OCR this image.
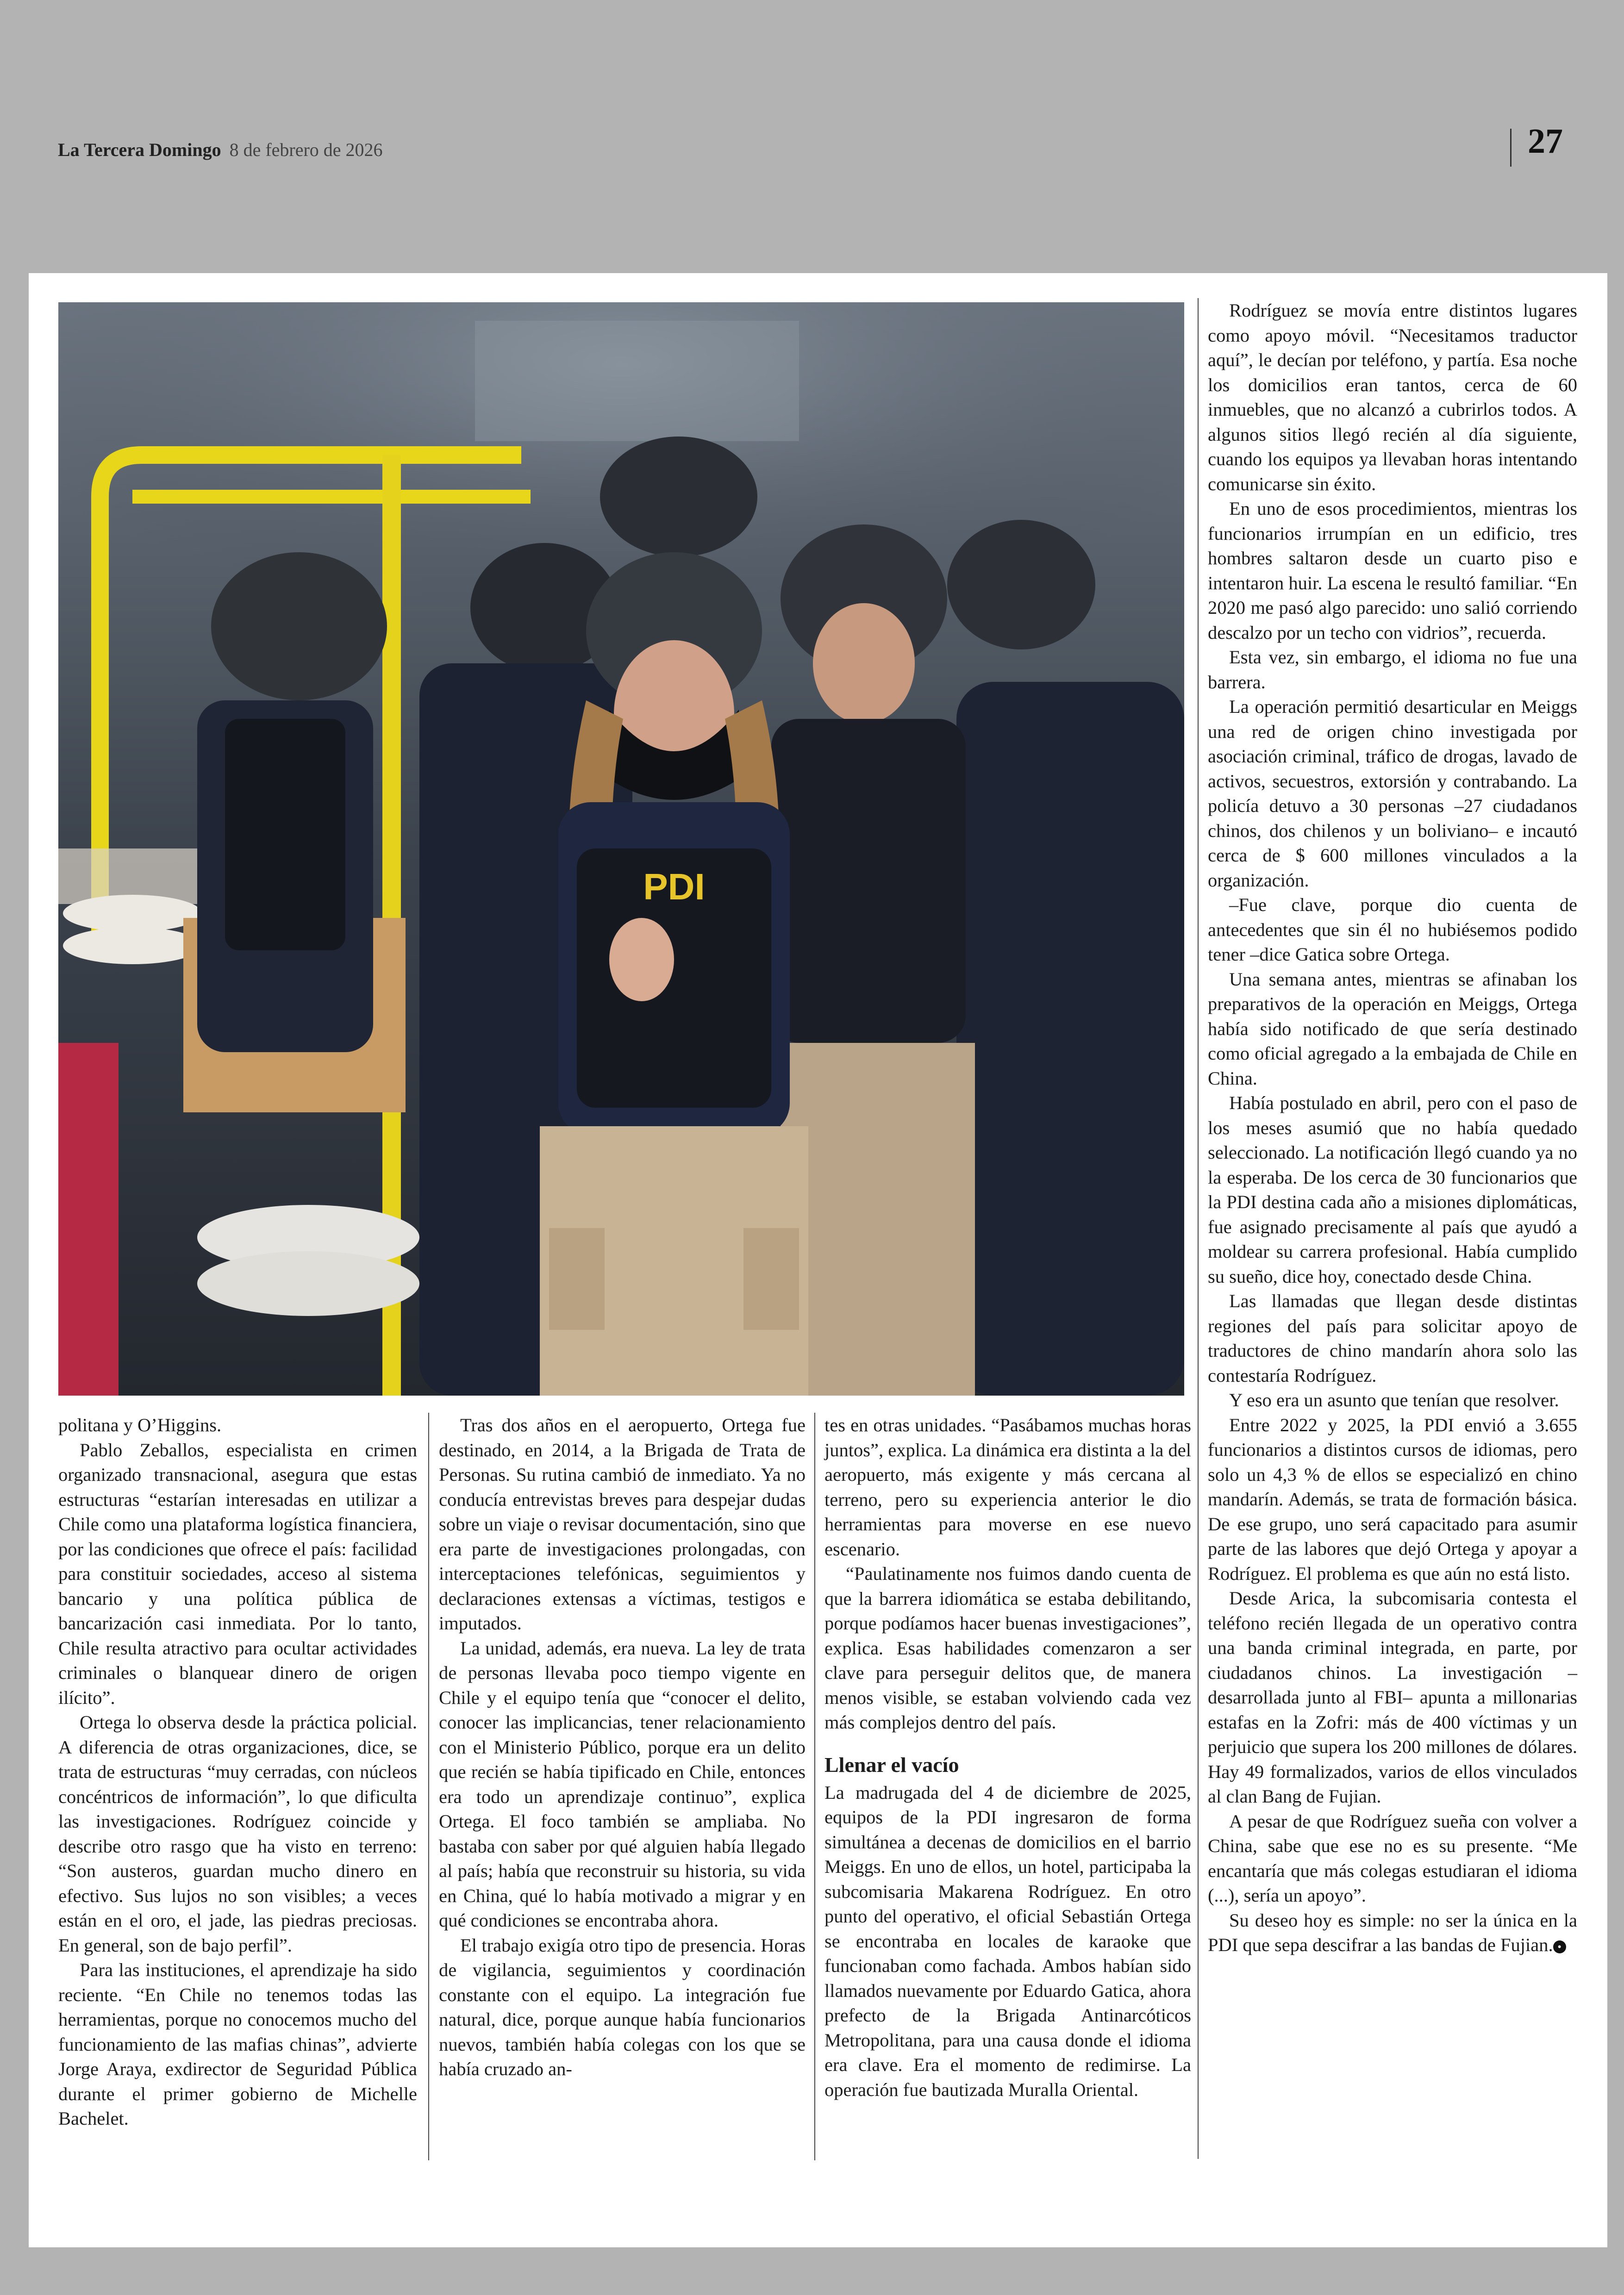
La Tercera Domingo 8 de febrero de 2026	27
PDI

politana y O’Higgins.

Pablo Zeballos, especialista en crimen organizado transnacional, asegura que estas estructuras “estarían interesadas en utilizar a Chile como una plataforma logística financiera, por las condiciones que ofrece el país: facilidad para constituir sociedades, acceso al sistema bancario y una política pública de bancarización casi inmediata. Por lo tanto, Chile resulta atractivo para ocultar actividades criminales o blanquear dinero de origen ilícito”.

Ortega lo observa desde la práctica policial. A diferencia de otras organizaciones, dice, se trata de estructuras “muy cerradas, con núcleos concéntricos de información”, lo que dificulta las investigaciones. Rodríguez coincide y describe otro rasgo que ha visto en terreno: “Son austeros, guardan mucho dinero en efectivo. Sus lujos no son visibles; a veces están en el oro, el jade, las piedras preciosas. En general, son de bajo perfil”.

Para las instituciones, el aprendizaje ha sido reciente. “En Chile no tenemos todas las herramientas, porque no conocemos mucho del funcionamiento de las mafias chinas”, advierte Jorge Araya, exdirector de Seguridad Pública durante el primer gobierno de Michelle Bachelet.

Tras dos años en el aeropuerto, Ortega fue destinado, en 2014, a la Brigada de Trata de Personas. Su rutina cambió de inmediato. Ya no conducía entrevistas breves para despejar dudas sobre un viaje o revisar documentación, sino que era parte de investigaciones prolongadas, con interceptaciones telefónicas, seguimientos y declaraciones extensas a víctimas, testigos e imputados.

La unidad, además, era nueva. La ley de trata de personas llevaba poco tiempo vigente en Chile y el equipo tenía que “conocer el delito, conocer las implicancias, tener relacionamiento con el Ministerio Público, porque era un delito que recién se había tipificado en Chile, entonces era todo un aprendizaje continuo”, explica Ortega. El foco también se ampliaba. No bastaba con saber por qué alguien había llegado al país; había que reconstruir su historia, su vida en China, qué lo había motivado a migrar y en qué condiciones se encontraba ahora.

El trabajo exigía otro tipo de presencia. Horas de vigilancia, seguimientos y coordinación constante con el equipo. La integración fue natural, dice, porque aunque había funcionarios nuevos, también había colegas con los que se había cruzado an-

tes en otras unidades. “Pasábamos muchas horas juntos”, explica. La dinámica era distinta a la del aeropuerto, más exigente y más cercana al terreno, pero su experiencia anterior le dio herramientas para moverse en ese nuevo escenario.

“Paulatinamente nos fuimos dando cuenta de que la barrera idiomática se estaba debilitando, porque podíamos hacer buenas investigaciones”, explica. Esas habilidades comenzaron a ser clave para perseguir delitos que, de manera menos visible, se estaban volviendo cada vez más complejos dentro del país.

Llenar el vacío

La madrugada del 4 de diciembre de 2025, equipos de la PDI ingresaron de forma simultánea a decenas de domicilios en el barrio Meiggs. En uno de ellos, un hotel, participaba la subcomisaria Makarena Rodríguez. En otro punto del operativo, el oficial Sebastián Ortega se encontraba en locales de karaoke que funcionaban como fachada. Ambos habían sido llamados nuevamente por Eduardo Gatica, ahora prefecto de la Brigada Antinarcóticos Metropolitana, para una causa donde el idioma era clave. Era el momento de redimirse. La operación fue bautizada Muralla Oriental.

Rodríguez se movía entre distintos lugares como apoyo móvil. “Necesitamos traductor aquí”, le decían por teléfono, y partía. Esa noche los domicilios eran tantos, cerca de 60 inmuebles, que no alcanzó a cubrirlos todos. A algunos sitios llegó recién al día siguiente, cuando los equipos ya llevaban horas intentando comunicarse sin éxito.

En uno de esos procedimientos, mientras los funcionarios irrumpían en un edificio, tres hombres saltaron desde un cuarto piso e intentaron huir. La escena le resultó familiar. “En 2020 me pasó algo parecido: uno salió corriendo descalzo por un techo con vidrios”, recuerda.

Esta vez, sin embargo, el idioma no fue una barrera.

La operación permitió desarticular en Meiggs una red de origen chino investigada por asociación criminal, tráfico de drogas, lavado de activos, secuestros, extorsión y contrabando. La policía detuvo a 30 personas –27 ciudadanos chinos, dos chilenos y un boliviano– e incautó cerca de $ 600 millones vinculados a la organización.

–Fue clave, porque dio cuenta de antecedentes que sin él no hubiésemos podido tener –dice Gatica sobre Ortega.

Una semana antes, mientras se afinaban los preparativos de la operación en Meiggs, Ortega había sido notificado de que sería destinado como oficial agregado a la embajada de Chile en China.

Había postulado en abril, pero con el paso de los meses asumió que no había quedado seleccionado. La notificación llegó cuando ya no la esperaba. De los cerca de 30 funcionarios que la PDI destina cada año a misiones diplomáticas, fue asignado precisamente al país que ayudó a moldear su carrera profesional. Había cumplido su sueño, dice hoy, conectado desde China.

Las llamadas que llegan desde distintas regiones del país para solicitar apoyo de traductores de chino mandarín ahora solo las contestaría Rodríguez.

Y eso era un asunto que tenían que resolver.

Entre 2022 y 2025, la PDI envió a 3.655 funcionarios a distintos cursos de idiomas, pero solo un 4,3 % de ellos se especializó en chino mandarín. Además, se trata de formación básica. De ese grupo, uno será capacitado para asumir parte de las labores que dejó Ortega y apoyar a Rodríguez. El problema es que aún no está listo.

Desde Arica, la subcomisaria contesta el teléfono recién llegada de un operativo contra una banda criminal integrada, en parte, por ciudadanos chinos. La investigación –desarrollada junto al FBI– apunta a millonarias estafas en la Zofri: más de 400 víctimas y un perjuicio que supera los 200 millones de dólares. Hay 49 formalizados, varios de ellos vinculados al clan Bang de Fujian.

A pesar de que Rodríguez sueña con volver a China, sabe que ese no es su presente. “Me encantaría que más colegas estudiaran el idioma (...), sería un apoyo”.

Su deseo hoy es simple: no ser la única en la PDI que sepa descifrar a las bandas de Fujian. •
